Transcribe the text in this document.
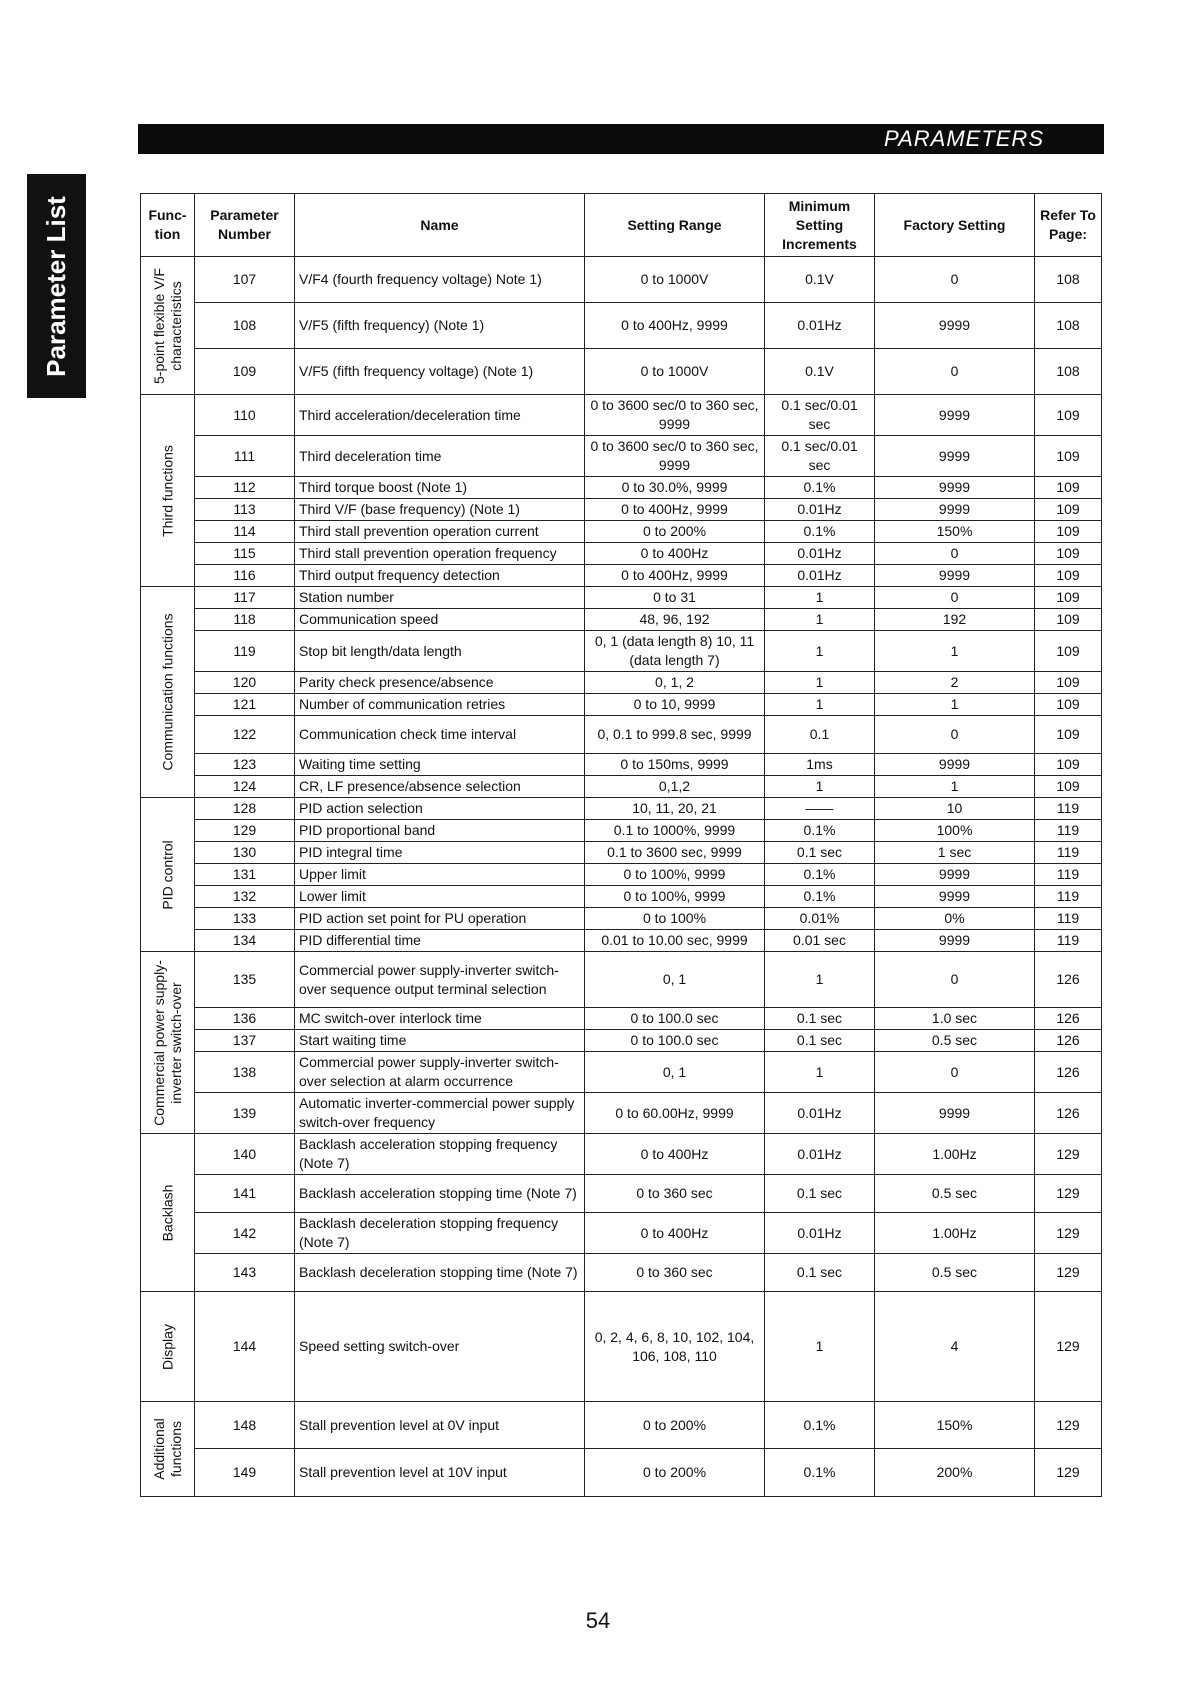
PARAMETERS
Parameter List	Func- tion	Parameter Number	Name	Setting Range	Minimum Setting Increments	Factory Setting	Refer To Page:

5-point flexible V/F
characteristics	107	V/F4 (fourth frequency voltage) Note 1)	0 to 1000V	0.1V	0	108
	108	V/F5 (fifth frequency) (Note 1)	0 to 400Hz, 9999	0.01Hz	9999	108
	109	V/F5 (fifth frequency voltage) (Note 1)	0 to 1000V	0.1V	0	108

Third functions	110	Third acceleration/deceleration time	0 to 3600 sec/0 to 360 sec, 9999	0.1 sec/0.01 sec	9999	109
	111	Third deceleration time	0 to 3600 sec/0 to 360 sec, 9999	0.1 sec/0.01 sec	9999	109
	112	Third torque boost (Note 1)	0 to 30.0%, 9999	0.1%	9999	109
	113	Third V/F (base frequency) (Note 1)	0 to 400Hz, 9999	0.01Hz	9999	109
	114	Third stall prevention operation current	0 to 200%	0.1%	150%	109
	115	Third stall prevention operation frequency	0 to 400Hz	0.01Hz	0	109
	116	Third output frequency detection	0 to 400Hz, 9999	0.01Hz	9999	109

Communication functions	117	Station number	0 to 31	1	0	109
	118	Communication speed	48, 96, 192	1	192	109
	119	Stop bit length/data length	0, 1 (data length 8) 10, 11 (data length 7)	1	1	109
	120	Parity check presence/absence	0, 1, 2	1	2	109
	121	Number of communication retries	0 to 10, 9999	1	1	109
	122	Communication check time interval	0, 0.1 to 999.8 sec, 9999	0.1	0	109
	123	Waiting time setting	0 to 150ms, 9999	1ms	9999	109
	124	CR, LF presence/absence selection	0,1,2	1	1	109

PID control	128	PID action selection	10, 11, 20, 21	——	10	119
	129	PID proportional band	0.1 to 1000%, 9999	0.1%	100%	119
	130	PID integral time	0.1 to 3600 sec, 9999	0.1 sec	1 sec	119
	131	Upper limit	0 to 100%, 9999	0.1%	9999	119
	132	Lower limit	0 to 100%, 9999	0.1%	9999	119
	133	PID action set point for PU operation	0 to 100%	0.01%	0%	119
	134	PID differential time	0.01 to 10.00 sec, 9999	0.01 sec	9999	119

Commercial power supply-
inverter switch-over	135	Commercial power supply-inverter switch-over sequence output terminal selection	0, 1	1	0	126
	136	MC switch-over interlock time	0 to 100.0 sec	0.1 sec	1.0 sec	126
	137	Start waiting time	0 to 100.0 sec	0.1 sec	0.5 sec	126
	138	Commercial power supply-inverter switch-over selection at alarm occurrence	0, 1	1	0	126
	139	Automatic inverter-commercial power supply switch-over frequency	0 to 60.00Hz, 9999	0.01Hz	9999	126

Backlash	140	Backlash acceleration stopping frequency (Note 7)	0 to 400Hz	0.01Hz	1.00Hz	129
	141	Backlash acceleration stopping time (Note 7)	0 to 360 sec	0.1 sec	0.5 sec	129
	142	Backlash deceleration stopping frequency (Note 7)	0 to 400Hz	0.01Hz	1.00Hz	129
	143	Backlash deceleration stopping time (Note 7)	0 to 360 sec	0.1 sec	0.5 sec	129

Display	144	Speed setting switch-over	0, 2, 4, 6, 8, 10, 102, 104, 106, 108, 110	1	4	129

Additional
functions	148	Stall prevention level at 0V input	0 to 200%	0.1%	150%	129
	149	Stall prevention level at 10V input	0 to 200%	0.1%	200%	129
54
